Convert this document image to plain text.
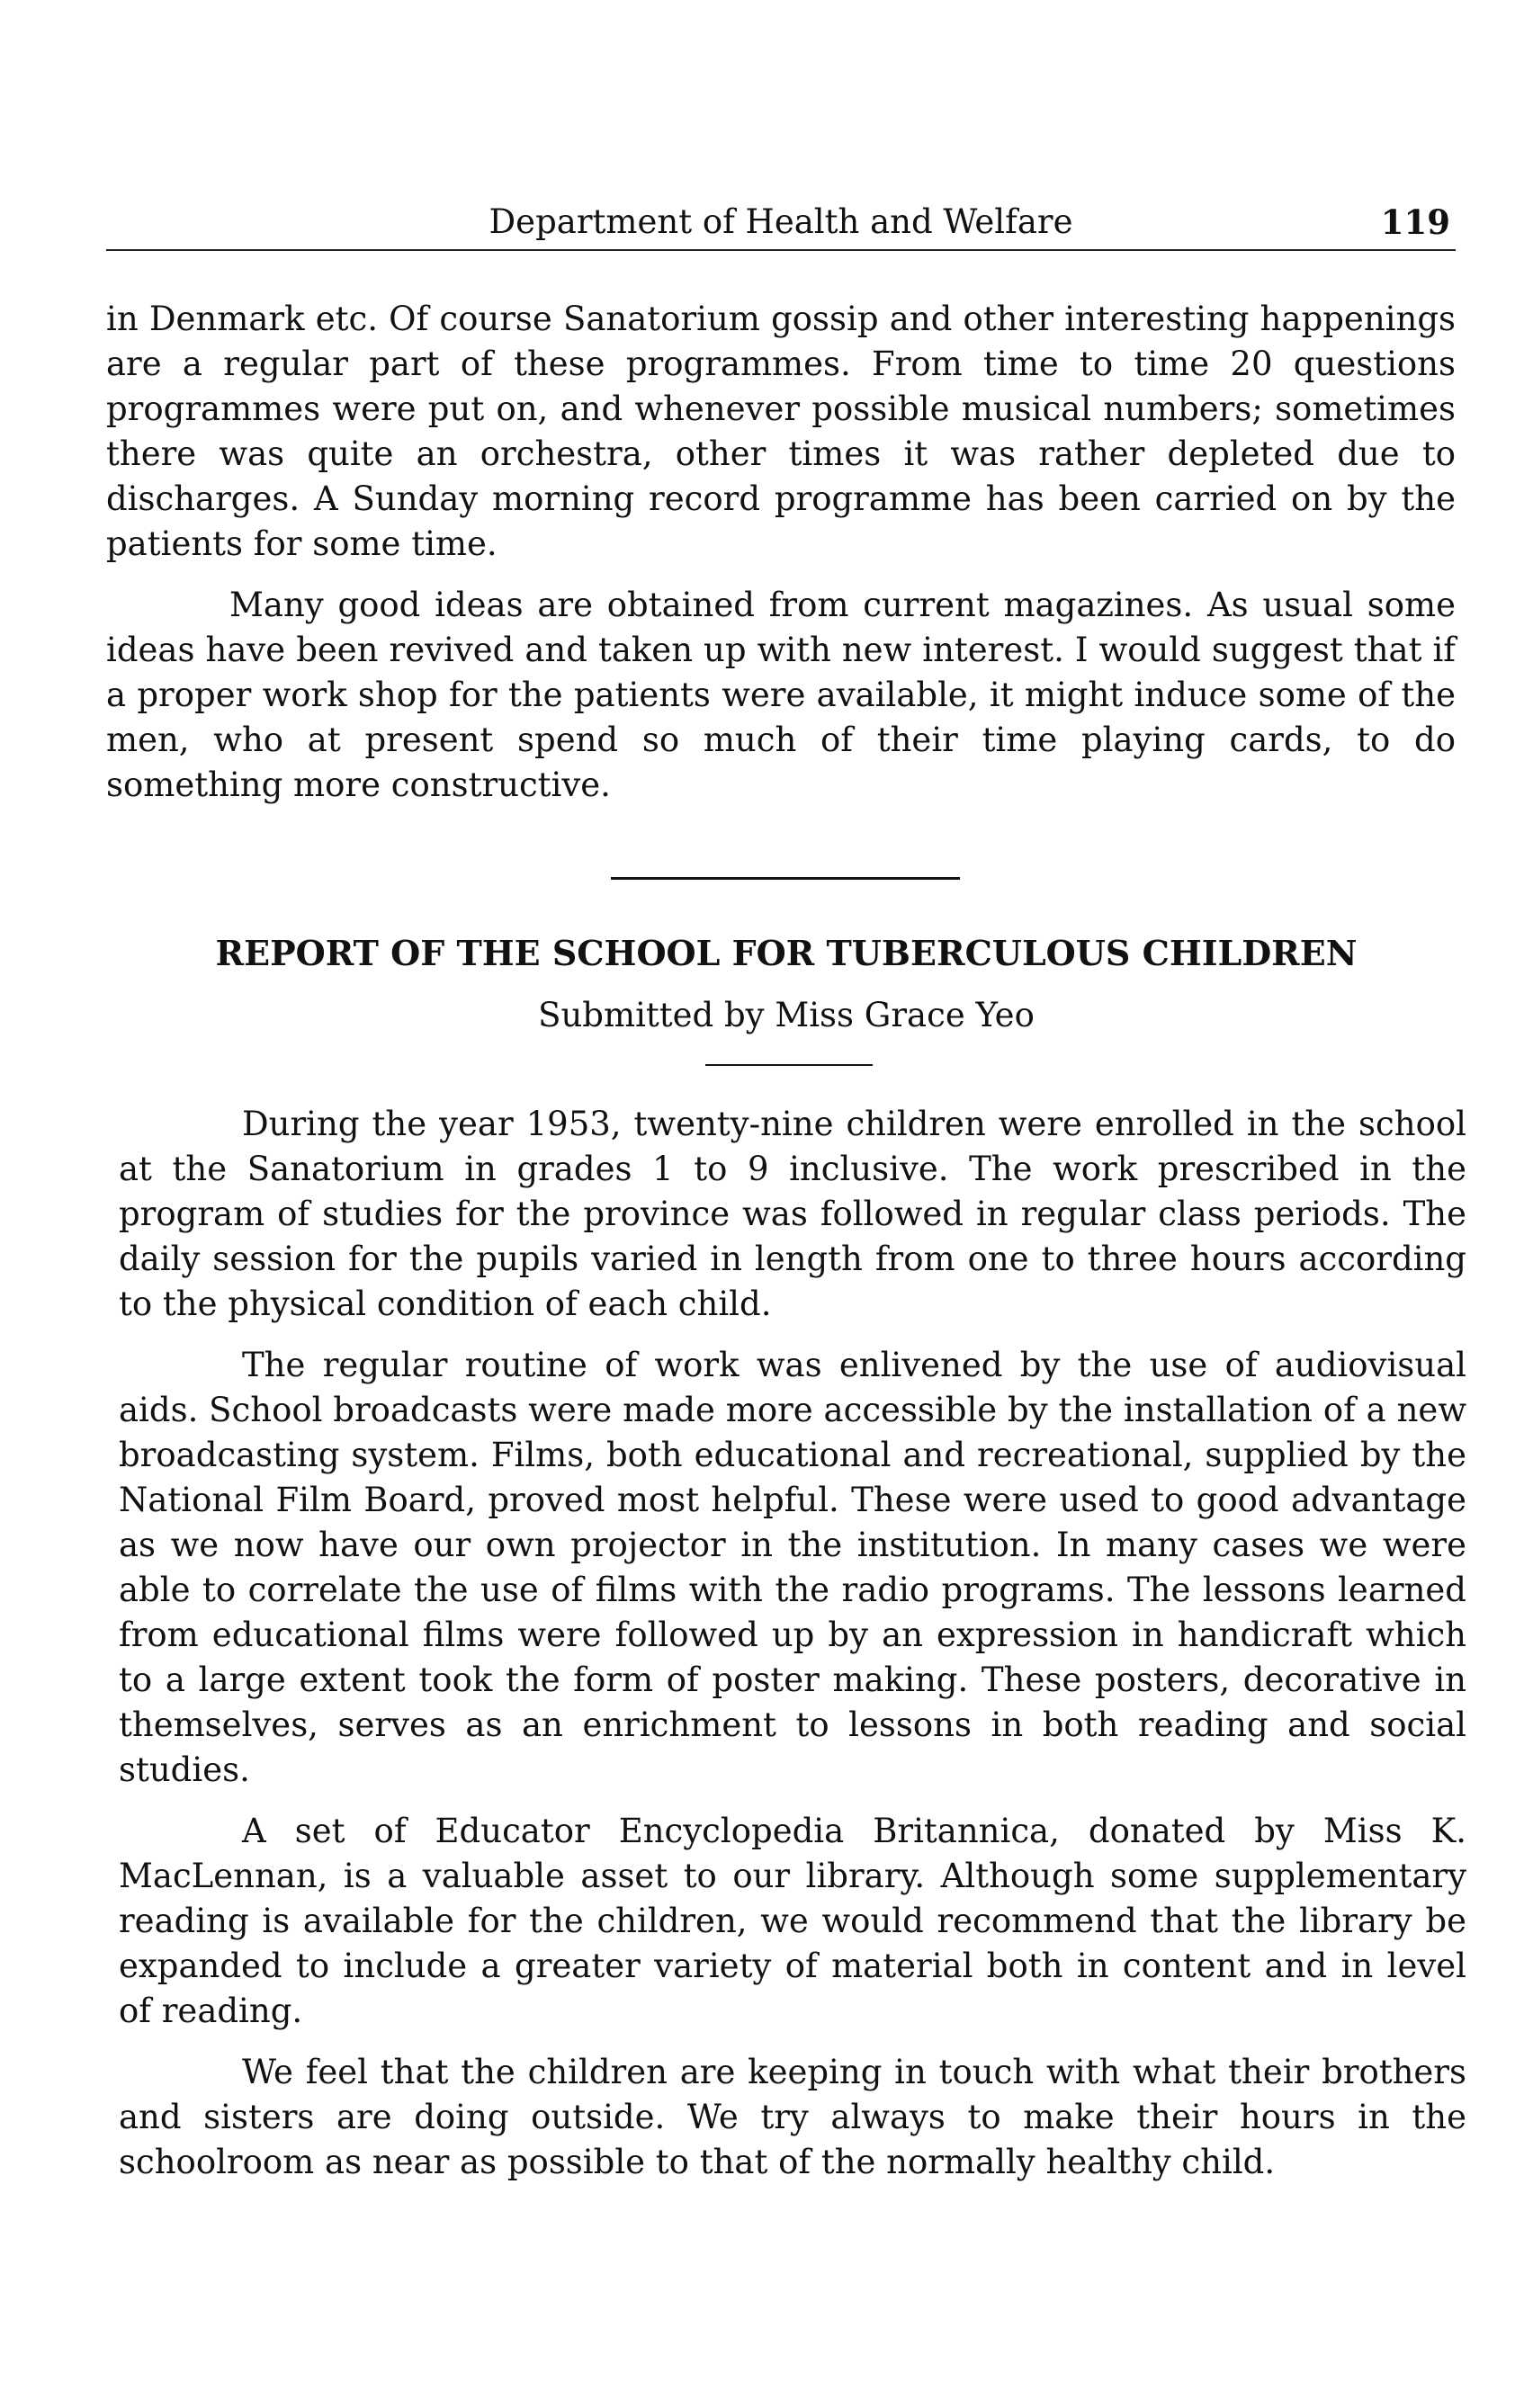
Department of Health and Welfare	119

in Denmark etc. Of course Sanatorium gossip and other interesting happenings are a regular part of these programmes. From time to time 20 questions programmes were put on, and whenever possible musical numbers; sometimes there was quite an orchestra, other times it was rather depleted due to discharges. A Sunday morning record programme has been carried on by the patients for some time.

Many good ideas are obtained from current magazines. As usual some ideas have been revived and taken up with new interest. I would suggest that if a proper work shop for the patients were available, it might induce some of the men, who at present spend so much of their time playing cards, to do something more constructive.

REPORT OF THE SCHOOL FOR TUBERCULOUS CHILDREN
Submitted by Miss Grace Yeo

During the year 1953, twenty-nine children were enrolled in the school at the Sanatorium in grades 1 to 9 inclusive. The work prescribed in the program of studies for the province was followed in regular class periods. The daily session for the pupils varied in length from one to three hours according to the physical condition of each child.

The regular routine of work was enlivened by the use of audiovisual aids. School broadcasts were made more accessible by the installation of a new broadcasting system. Films, both educational and recreational, supplied by the National Film Board, proved most helpful. These were used to good advantage as we now have our own projector in the institution. In many cases we were able to correlate the use of films with the radio programs. The lessons learned from educational films were followed up by an expression in handicraft which to a large extent took the form of poster making. These posters, decorative in themselves, serves as an enrichment to lessons in both reading and social studies.

A set of Educator Encyclopedia Britannica, donated by Miss K. MacLennan, is a valuable asset to our library. Although some supplementary reading is available for the children, we would recommend that the library be expanded to include a greater variety of material both in content and in level of reading.

We feel that the children are keeping in touch with what their brothers and sisters are doing outside. We try always to make their hours in the schoolroom as near as possible to that of the normally healthy child.
